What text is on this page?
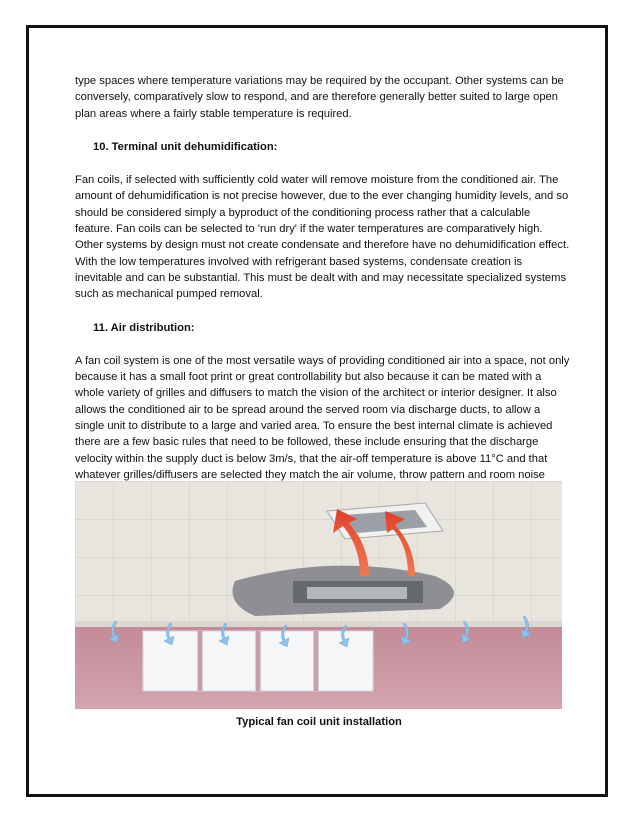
type spaces where temperature variations may be required by the occupant. Other systems can be conversely, comparatively slow to respond, and are therefore generally better suited to large open plan areas where a fairly stable temperature is required.

10. Terminal unit dehumidification:

Fan coils, if selected with sufficiently cold water will remove moisture from the conditioned air. The amount of dehumidification is not precise however, due to the ever changing humidity levels, and so should be considered simply a byproduct of the conditioning process rather that a calculable feature. Fan coils can be selected to 'run dry' if the water temperatures are comparatively high. Other systems by design must not create condensate and therefore have no dehumidification effect. With the low temperatures involved with refrigerant based systems, condensate creation is inevitable and can be substantial. This must be dealt with and may necessitate specialized systems such as mechanical pumped removal.

11. Air distribution:

A fan coil system is one of the most versatile ways of providing conditioned air into a space, not only because it has a small foot print or great controllability but also because it can be mated with a whole variety of grilles and diffusers to match the vision of the architect or interior designer. It also allows the conditioned air to be spread around the served room via discharge ducts, to allow a single unit to distribute to a large and varied area. To ensure the best internal climate is achieved there are a few basic rules that need to be followed, these include ensuring that the discharge velocity within the supply duct is below 3m/s, that the air-off temperature is above 11°C and that whatever grilles/diffusers are selected they match the air volume, throw pattern and room noise

Typical fan coil unit installation
